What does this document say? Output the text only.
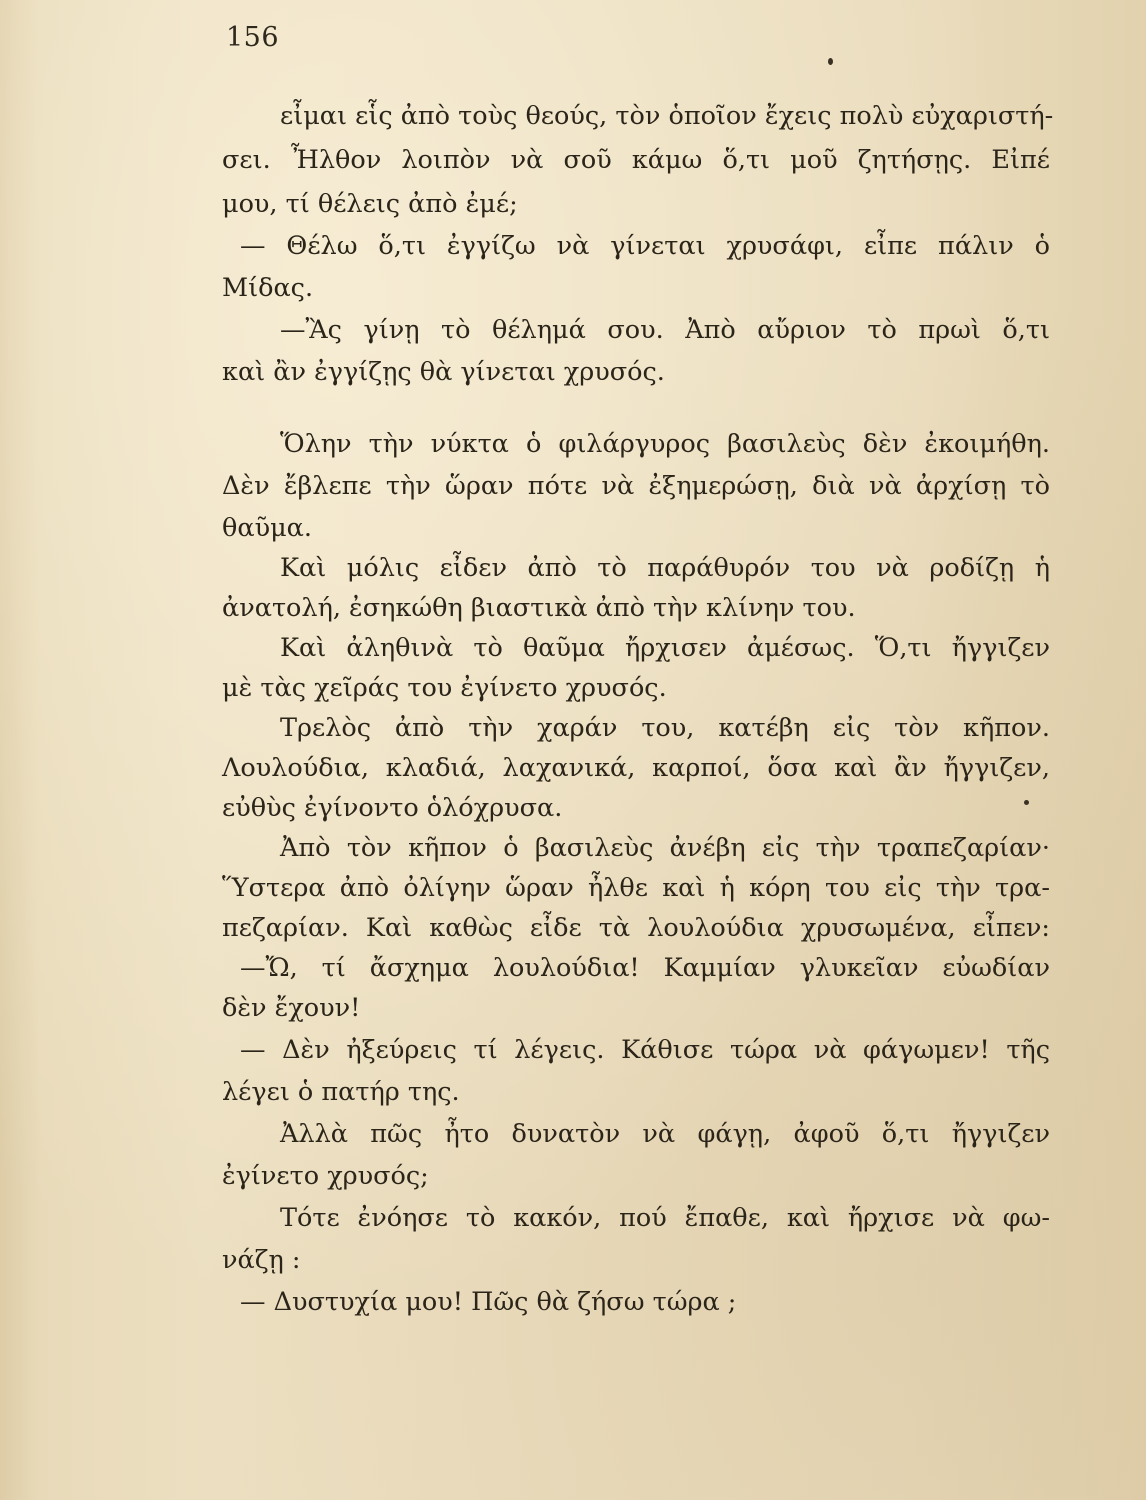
156
εἶμαι εἷς ἀπὸ τοὺς θεούς, τὸν ὁποῖον ἔχεις πολὺ εὐχαριστή-
σει. Ἦλθον λοιπὸν νὰ σοῦ κάμω ὅ,τι μοῦ ζητήσῃς. Εἰπέ
μου, τί θέλεις ἀπὸ ἐμέ;
— Θέλω ὅ,τι ἐγγίζω νὰ γίνεται χρυσάφι, εἶπε πάλιν ὁ
Μίδας.
—Ἂς γίνῃ τὸ θέλημά σου. Ἀπὸ αὔριον τὸ πρωὶ ὅ,τι
καὶ ἂν ἐγγίζῃς θὰ γίνεται χρυσός.
Ὅλην τὴν νύκτα ὁ φιλάργυρος βασιλεὺς δὲν ἐκοιμήθη.
Δὲν ἔβλεπε τὴν ὥραν πότε νὰ ἐξημερώσῃ, διὰ νὰ ἀρχίσῃ τὸ
θαῦμα.
Καὶ μόλις εἶδεν ἀπὸ τὸ παράθυρόν του νὰ ροδίζῃ ἡ
ἀνατολή, ἐσηκώθη βιαστικὰ ἀπὸ τὴν κλίνην του.
Καὶ ἀληθινὰ τὸ θαῦμα ἤρχισεν ἀμέσως. Ὅ,τι ἤγγιζεν
μὲ τὰς χεῖράς του ἐγίνετο χρυσός.
Τρελὸς ἀπὸ τὴν χαράν του, κατέβη εἰς τὸν κῆπον.
Λουλούδια, κλαδιά, λαχανικά, καρποί, ὅσα καὶ ἂν ἤγγιζεν,
εὐθὺς ἐγίνοντο ὁλόχρυσα.
Ἀπὸ τὸν κῆπον ὁ βασιλεὺς ἀνέβη εἰς τὴν τραπεζαρίαν·
Ὕστερα ἀπὸ ὀλίγην ὥραν ἦλθε καὶ ἡ κόρη του εἰς τὴν τρα-
πεζαρίαν. Καὶ καθὼς εἶδε τὰ λουλούδια χρυσωμένα, εἶπεν:
—Ὤ, τί ἄσχημα λουλούδια! Καμμίαν γλυκεῖαν εὐωδίαν
δὲν ἔχουν!
— Δὲν ἠξεύρεις τί λέγεις. Κάθισε τώρα νὰ φάγωμεν! τῆς
λέγει ὁ πατήρ της.
Ἀλλὰ πῶς ἦτο δυνατὸν νὰ φάγῃ, ἀφοῦ ὅ,τι ἤγγιζεν
ἐγίνετο χρυσός;
Τότε ἐνόησε τὸ κακόν, πού ἔπαθε, καὶ ἤρχισε νὰ φω-
νάζῃ :
— Δυστυχία μου! Πῶς θὰ ζήσω τώρα ;
